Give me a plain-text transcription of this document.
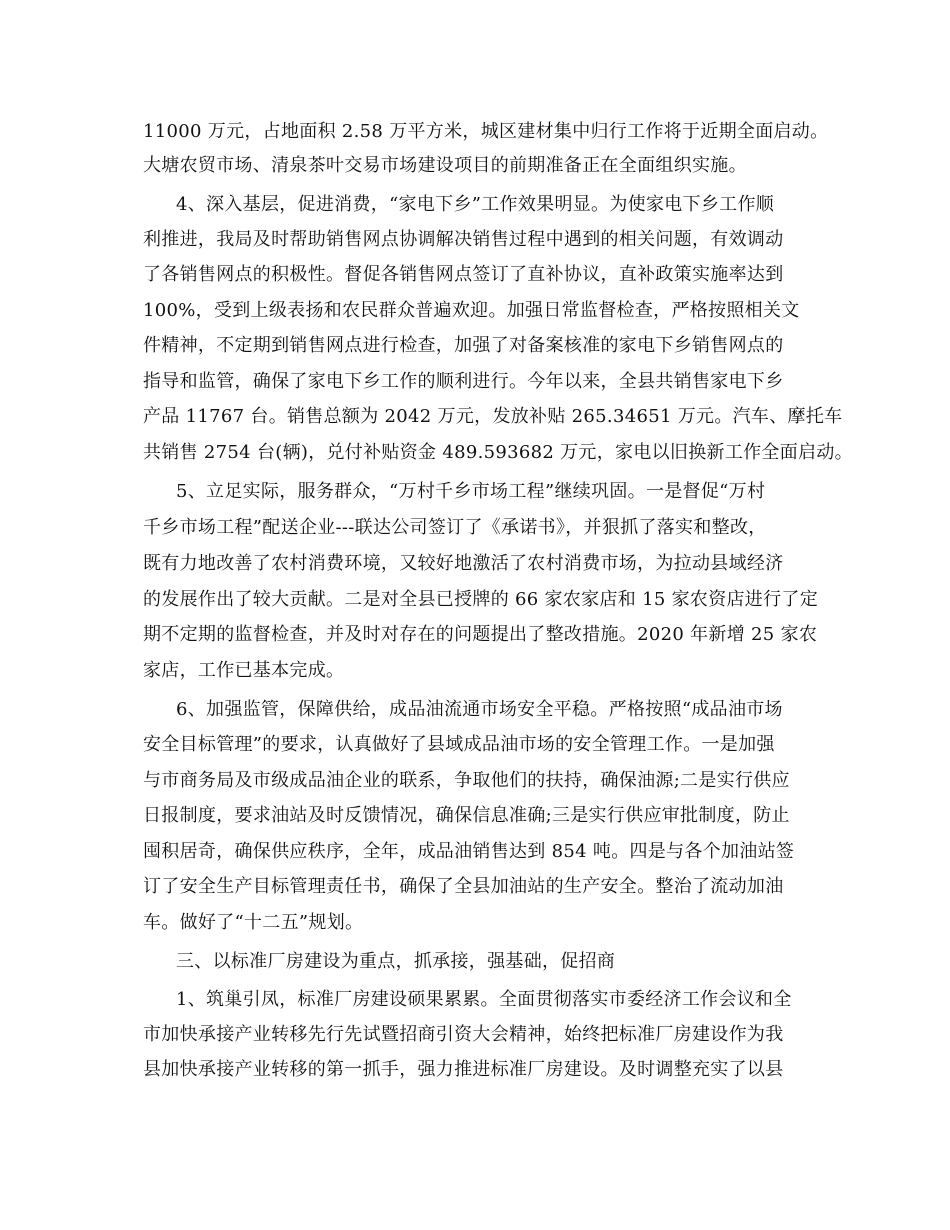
11000 万元，占地面积 2.58 万平方米，城区建材集中归行工作将于近期全面启动。
大塘农贸市场、清泉茶叶交易市场建设项目的前期准备正在全面组织实施。
4、深入基层，促进消费，“家电下乡”工作效果明显。为使家电下乡工作顺
利推进，我局及时帮助销售网点协调解决销售过程中遇到的相关问题，有效调动
了各销售网点的积极性。督促各销售网点签订了直补协议，直补政策实施率达到
100%，受到上级表扬和农民群众普遍欢迎。加强日常监督检查，严格按照相关文
件精神，不定期到销售网点进行检查，加强了对备案核准的家电下乡销售网点的
指导和监管，确保了家电下乡工作的顺利进行。今年以来，全县共销售家电下乡
产品 11767 台。销售总额为 2042 万元，发放补贴 265.34651 万元。汽车、摩托车
共销售 2754 台(辆)，兑付补贴资金 489.593682 万元，家电以旧换新工作全面启动。
5、立足实际，服务群众，“万村千乡市场工程”继续巩固。一是督促“万村
千乡市场工程”配送企业---联达公司签订了《承诺书》，并狠抓了落实和整改，
既有力地改善了农村消费环境，又较好地激活了农村消费市场，为拉动县域经济
的发展作出了较大贡献。二是对全县已授牌的 66 家农家店和 15 家农资店进行了定
期不定期的监督检查，并及时对存在的问题提出了整改措施。2020 年新增 25 家农
家店，工作已基本完成。
6、加强监管，保障供给，成品油流通市场安全平稳。严格按照“成品油市场
安全目标管理”的要求，认真做好了县域成品油市场的安全管理工作。一是加强
与市商务局及市级成品油企业的联系，争取他们的扶持，确保油源;二是实行供应
日报制度，要求油站及时反馈情况，确保信息准确;三是实行供应审批制度，防止
囤积居奇，确保供应秩序，全年，成品油销售达到 854 吨。四是与各个加油站签
订了安全生产目标管理责任书，确保了全县加油站的生产安全。整治了流动加油
车。做好了“十二五”规划。
三、以标准厂房建设为重点，抓承接，强基础，促招商
1、筑巢引凤，标准厂房建设硕果累累。全面贯彻落实市委经济工作会议和全
市加快承接产业转移先行先试暨招商引资大会精神，始终把标准厂房建设作为我
县加快承接产业转移的第一抓手，强力推进标准厂房建设。及时调整充实了以县
